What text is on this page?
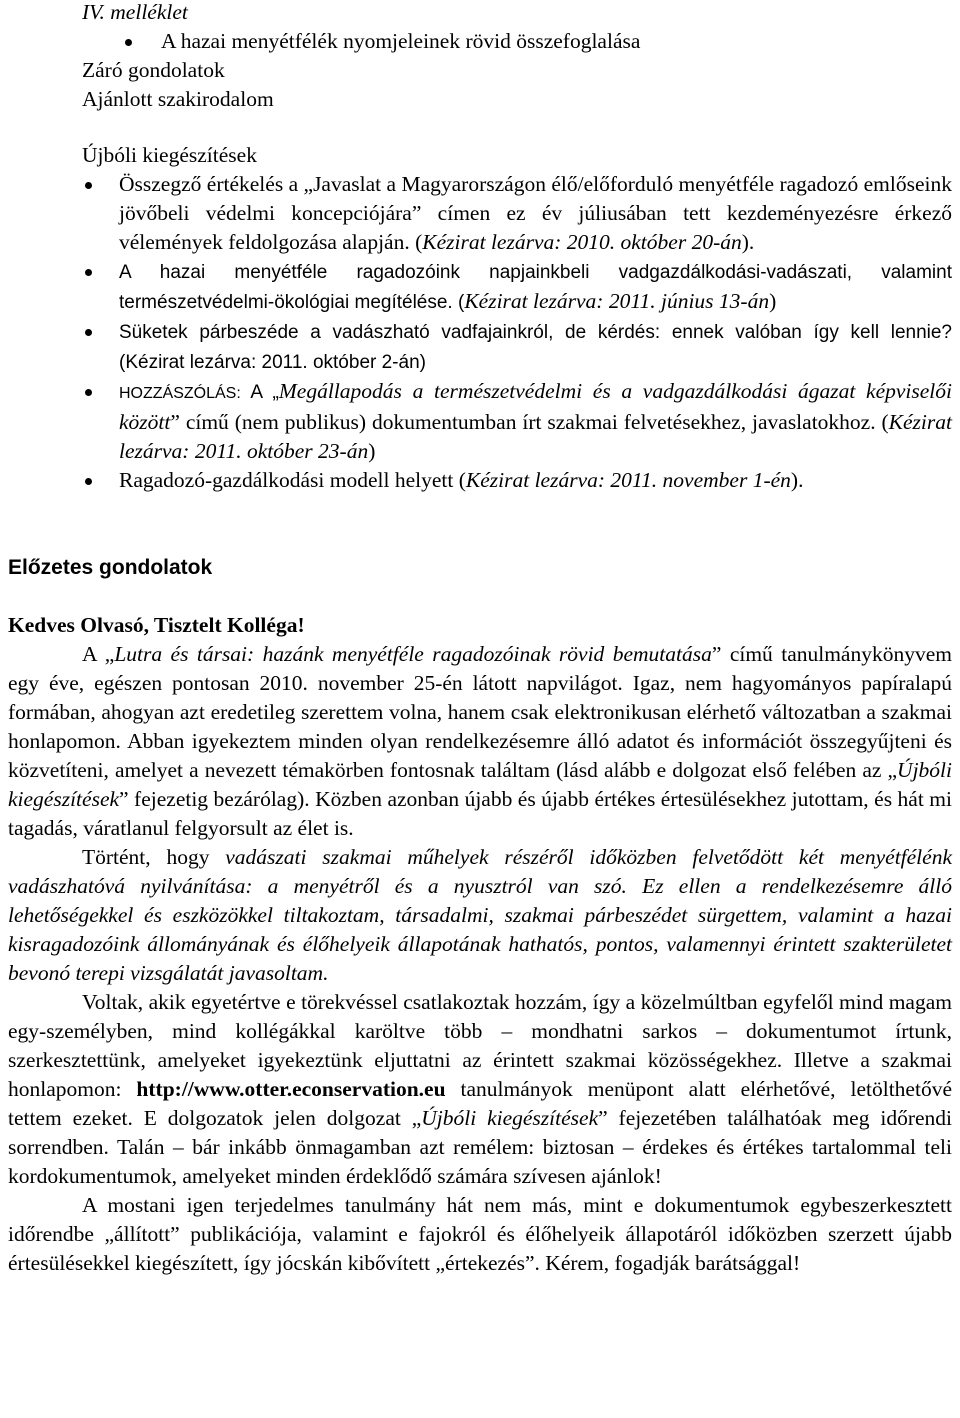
IV. melléklet
A hazai menyétfélék nyomjeleinek rövid összefoglalása
Záró gondolatok
Ajánlott szakirodalom
Újbóli kiegészítések
Összegző értékelés a „Javaslat a Magyarországon élő/előforduló menyétféle ragadozó emlőseink jövőbeli védelmi koncepciójára” címen ez év júliusában tett kezdeményezésre érkező vélemények feldolgozása alapján. (Kézirat lezárva: 2010. október 20-án).
A hazai menyétféle ragadozóink napjainkbeli vadgazdálkodási-vadászati, valamint természetvédelmi-ökológiai megítélése. (Kézirat lezárva: 2011. június 13-án)
Süketek párbeszéde a vadászható vadfajainkról, de kérdés: ennek valóban így kell lennie? (Kézirat lezárva: 2011. október 2-án)
HOZZÁSZÓLÁS: A „Megállapodás a természetvédelmi és a vadgazdálkodási ágazat képviselői között” című (nem publikus) dokumentumban írt szakmai felvetésekhez, javaslatokhoz. (Kézirat lezárva: 2011. október 23-án)
Ragadozó-gazdálkodási modell helyett (Kézirat lezárva: 2011. november 1-én).
Előzetes gondolatok
Kedves Olvasó, Tisztelt Kolléga!

A „Lutra és társai: hazánk menyétféle ragadozóinak rövid bemutatása” című tanulmánykönyvem egy éve, egészen pontosan 2010. november 25-én látott napvilágot. Igaz, nem hagyományos papíralapú formában, ahogyan azt eredetileg szerettem volna, hanem csak elektronikusan elérhető változatban a szakmai honlapomon. Abban igyekeztem minden olyan rendelkezésemre álló adatot és információt összegyűjteni és közvetíteni, amelyet a nevezett témakörben fontosnak találtam (lásd alább e dolgozat első felében az „Újbóli kiegészítések” fejezetig bezárólag). Közben azonban újabb és újabb értékes értesülésekhez jutottam, és hát mi tagadás, váratlanul felgyorsult az élet is.

Történt, hogy vadászati szakmai műhelyek részéről időközben felvetődött két menyétfélénk vadászhatóvá nyilvánítása: a menyétről és a nyusztról van szó. Ez ellen a rendelkezésemre álló lehetőségekkel és eszközökkel tiltakoztam, társadalmi, szakmai párbeszédet sürgettem, valamint a hazai kisragadozóink állományának és élőhelyeik állapotának hathatós, pontos, valamennyi érintett szakterületet bevonó terepi vizsgálatát javasoltam.

Voltak, akik egyetértve e törekvéssel csatlakoztak hozzám, így a közelmúltban egyfelől mind magam egy-személyben, mind kollégákkal karöltve több – mondhatni sarkos – dokumentumot írtunk, szerkesztettünk, amelyeket igyekeztünk eljuttatni az érintett szakmai közösségekhez. Illetve a szakmai honlapomon: http://www.otter.econservation.eu tanulmányok menüpont alatt elérhetővé, letölthetővé tettem ezeket. E dolgozatok jelen dolgozat „Újbóli kiegészítések” fejezetében találhatóak meg időrendi sorrendben. Talán – bár inkább önmagamban azt remélem: biztosan – érdekes és értékes tartalommal teli kordokumentumok, amelyeket minden érdeklődő számára szívesen ajánlok!

A mostani igen terjedelmes tanulmány hát nem más, mint e dokumentumok egybeszerkesztett időrendbe „állított” publikációja, valamint e fajokról és élőhelyeik állapotáról időközben szerzett újabb értesülésekkel kiegészített, így jócskán kibővített „értekezés”. Kérem, fogadják barátsággal!
